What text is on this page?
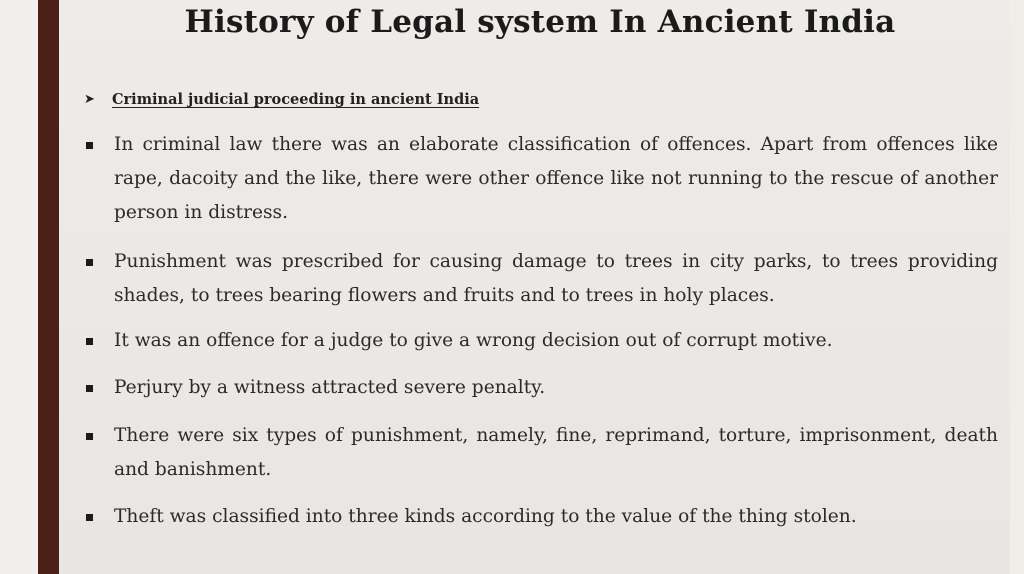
History of Legal system In Ancient India
➤	Criminal judicial proceeding in ancient India
In criminal law there was an elaborate classification of offences. Apart from offences like rape, dacoity and the like, there were other offence like not running to the rescue of another person in distress.
Punishment was prescribed for causing damage to trees in city parks, to trees providing shades, to trees bearing flowers and fruits and to trees in holy places.
It was an offence for a judge to give a wrong decision out of corrupt motive.
Perjury by a witness attracted severe penalty.
There were six types of punishment, namely, fine, reprimand, torture, imprisonment, death and banishment.
Theft was classified into three kinds according to the value of the thing stolen.
